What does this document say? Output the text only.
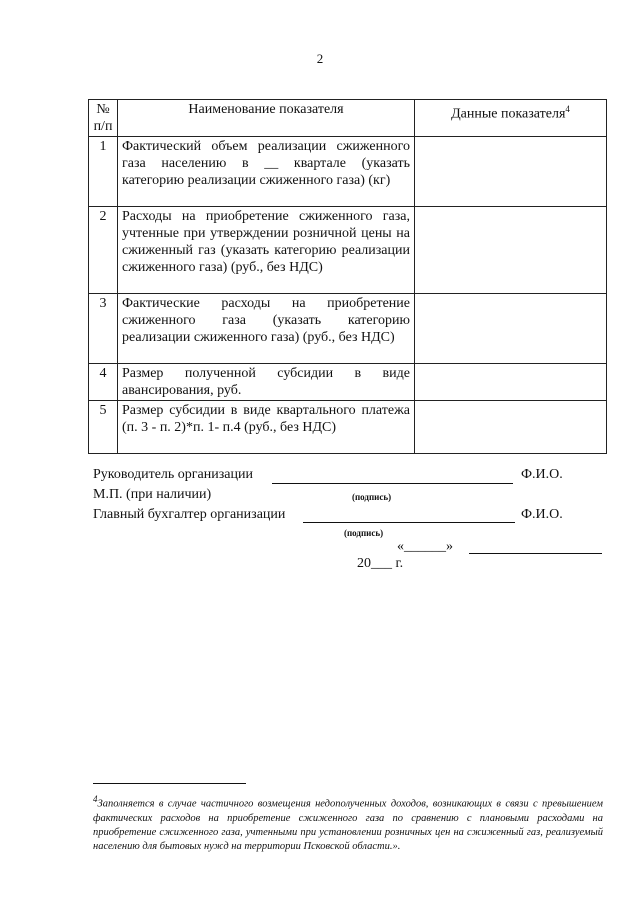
2
№ п/п	Наименование показателя	Данные показателя$^4$
1	Фактический объем реализации сжиженного газа населению в __ квартале (указать категорию реализации сжиженного газа) (кг)	
2	Расходы на приобретение сжиженного газа, учтенные при утверждении розничной цены на сжиженный газ (указать категорию реализации сжиженного газа) (руб., без НДС)	
3	Фактические расходы на приобретение сжиженного газа (указать категорию реализации сжиженного газа) (руб., без НДС)	
4	Размер полученной субсидии в виде авансирования, руб.	
5	Размер субсидии в виде квартального платежа (п. 3 - п. 2)*п. 1- п.4 (руб., без НДС)	
Руководитель организации	Ф.И.О.
М.П. (при наличии)	(подпись)
Главный бухгалтер организации	Ф.И.О.
(подпись)
«______»
20___ г.
$^4$Заполняется в случае частичного возмещения недополученных доходов, возникающих в связи с превышением фактических расходов на приобретение сжиженного газа по сравнению с плановыми расходами на приобретение сжиженного газа, учтенными при установлении розничных цен на сжиженный газ, реализуемый населению для бытовых нужд на территории Псковской области.».
